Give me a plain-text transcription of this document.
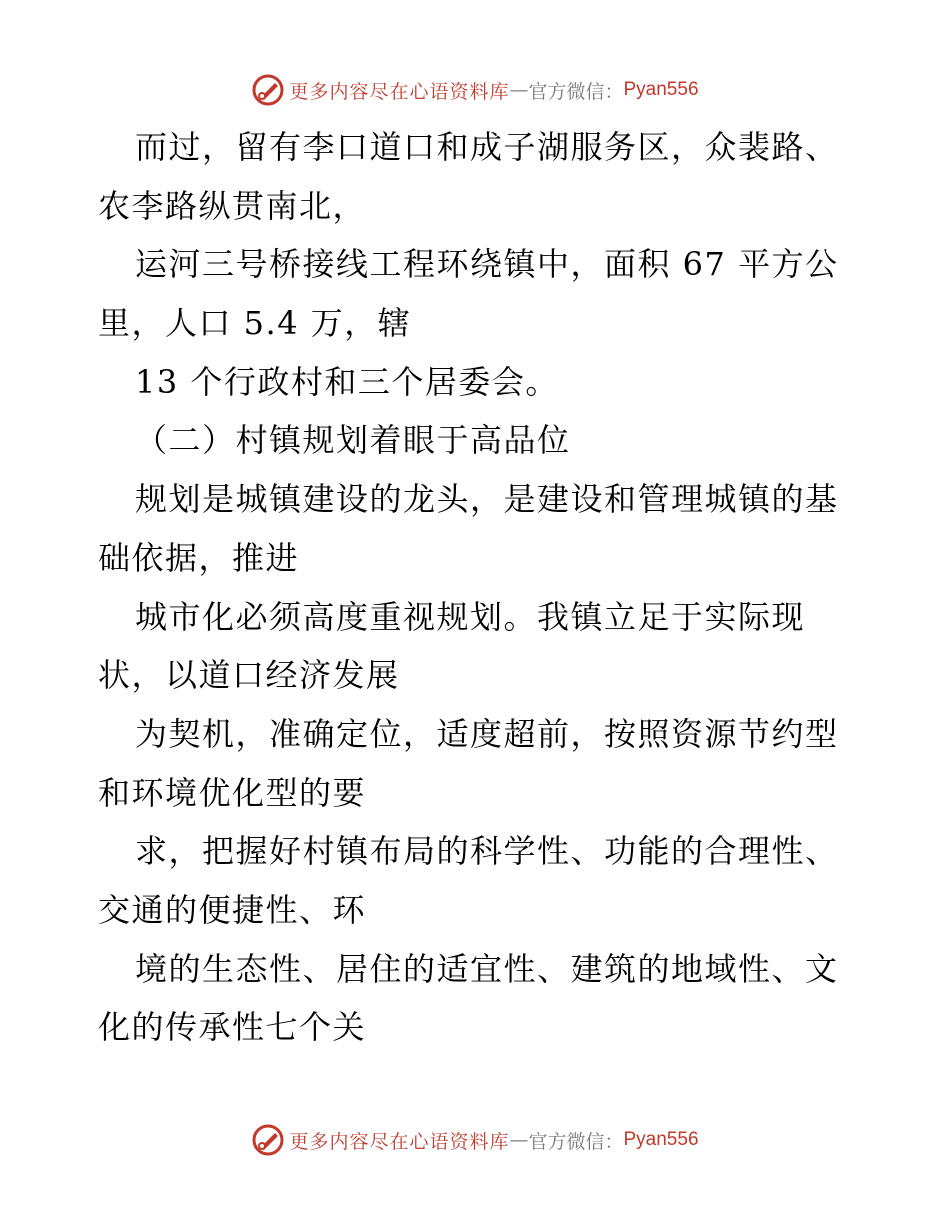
更多内容尽在心语资料库 — 官方微信： Pyan556
而过，留有李口道口和成子湖服务区，众裴路、
农李路纵贯南北，
运河三号桥接线工程环绕镇中，面积 67 平方公
里，人口 5.4 万，辖
13 个行政村和三个居委会。
（二）村镇规划着眼于高品位
规划是城镇建设的龙头，是建设和管理城镇的基
础依据，推进
城市化必须高度重视规划。我镇立足于实际现
状，以道口经济发展
为契机，准确定位，适度超前，按照资源节约型
和环境优化型的要
求，把握好村镇布局的科学性、功能的合理性、
交通的便捷性、环
境的生态性、居住的适宜性、建筑的地域性、文
化的传承性七个关
更多内容尽在心语资料库 — 官方微信： Pyan556
